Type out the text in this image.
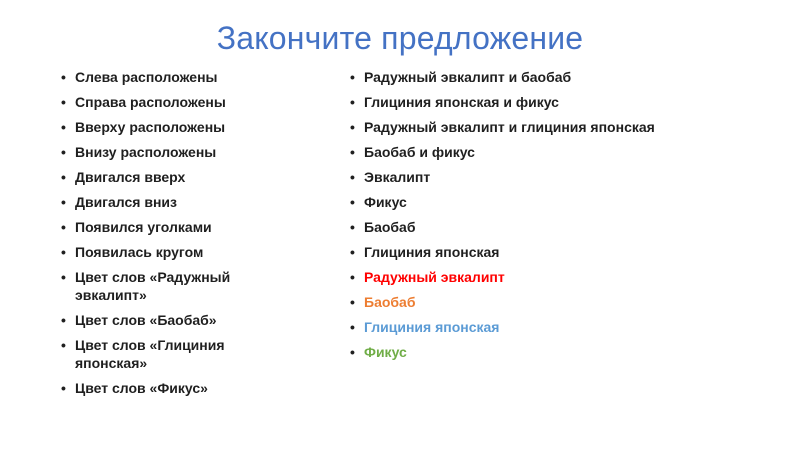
Закончите предложение
• Слева расположены
• Справа расположены
• Вверху расположены
• Внизу расположены
• Двигался вверх
• Двигался вниз
• Появился уголками
• Появилась кругом
• Цвет слов «Радужный эвкалипт»
• Цвет слов «Баобаб»
• Цвет слов «Глициния японская»
• Цвет слов «Фикус»
• Радужный эвкалипт и баобаб
• Глициния японская и фикус
• Радужный эвкалипт и глициния японская
• Баобаб и фикус
• Эвкалипт
• Фикус
• Баобаб
• Глициния японская
• Радужный эвкалипт
• Баобаб
• Глициния японская
• Фикус
